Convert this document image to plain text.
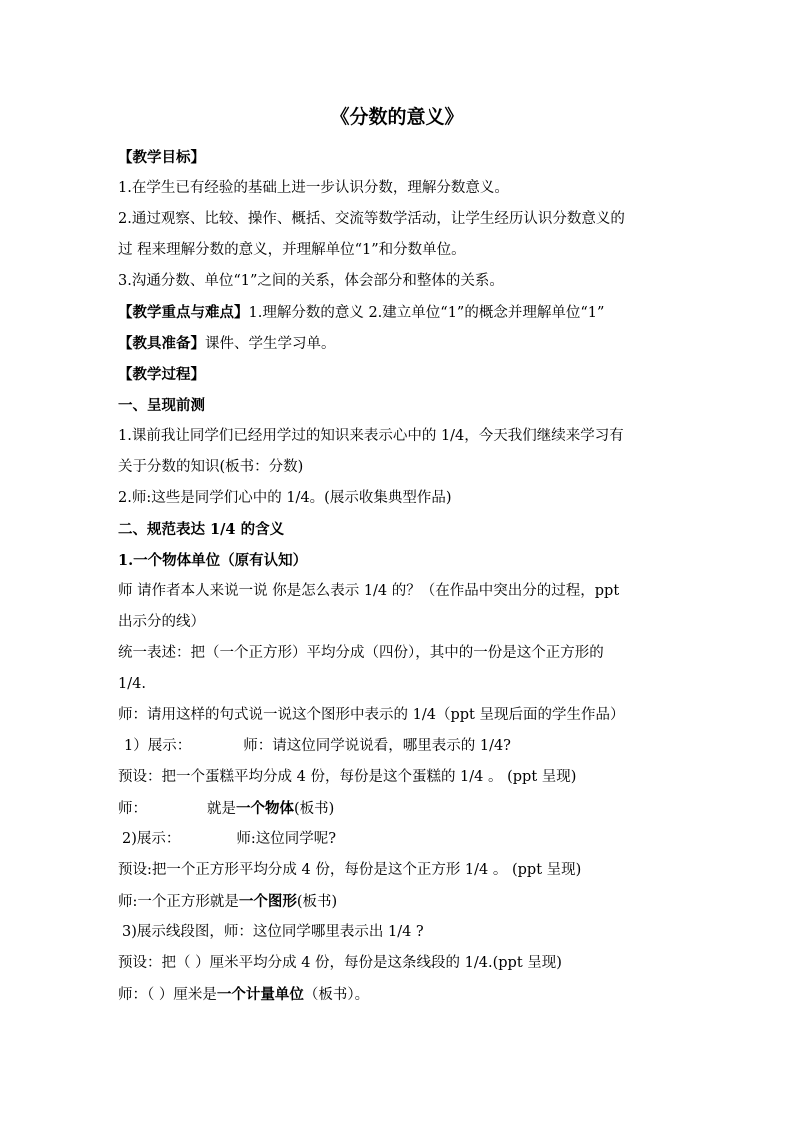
《分数的意义》
【教学目标】
1.在学生已有经验的基础上进一步认识分数，理解分数意义。
2.通过观察、比较、操作、概括、交流等数学活动，让学生经历认识分数意义的
过 程来理解分数的意义，并理解单位“1”和分数单位。
3.沟通分数、单位“1”之间的关系，体会部分和整体的关系。
【教学重点与难点】1.理解分数的意义 2.建立单位“1”的概念并理解单位“1”
【教具准备】课件、学生学习单。
【教学过程】
一、呈现前测
1.课前我让同学们已经用学过的知识来表示心中的 1/4，今天我们继续来学习有
关于分数的知识(板书：分数)
2.师:这些是同学们心中的 1/4。(展示收集典型作品)
二、规范表达 1/4 的含义
1.一个物体单位（原有认知）
师 请作者本人来说一说 你是怎么表示 1/4 的？（在作品中突出分的过程，ppt
出示分的线）
统一表述：把（一个正方形）平均分成（四份），其中的一份是这个正方形的
1/4.
师：请用这样的句式说一说这个图形中表示的 1/4（ppt 呈现后面的学生作品）
1）展示：	师：请这位同学说说看，哪里表示的 1/4?
预设：把一个蛋糕平均分成 4 份，每份是这个蛋糕的 1/4 。 (ppt 呈现)
师：	就是一个物体(板书)
2)展示：	师:这位同学呢?
预设:把一个正方形平均分成 4 份，每份是这个正方形 1/4 。 (ppt 呈现)
师:一个正方形就是一个图形(板书)
3)展示线段图，师：这位同学哪里表示出 1/4 ?
预设：把（ ）厘米平均分成 4 份，每份是这条线段的 1/4.(ppt 呈现)
师：（ ）厘米是一个计量单位（板书）。
